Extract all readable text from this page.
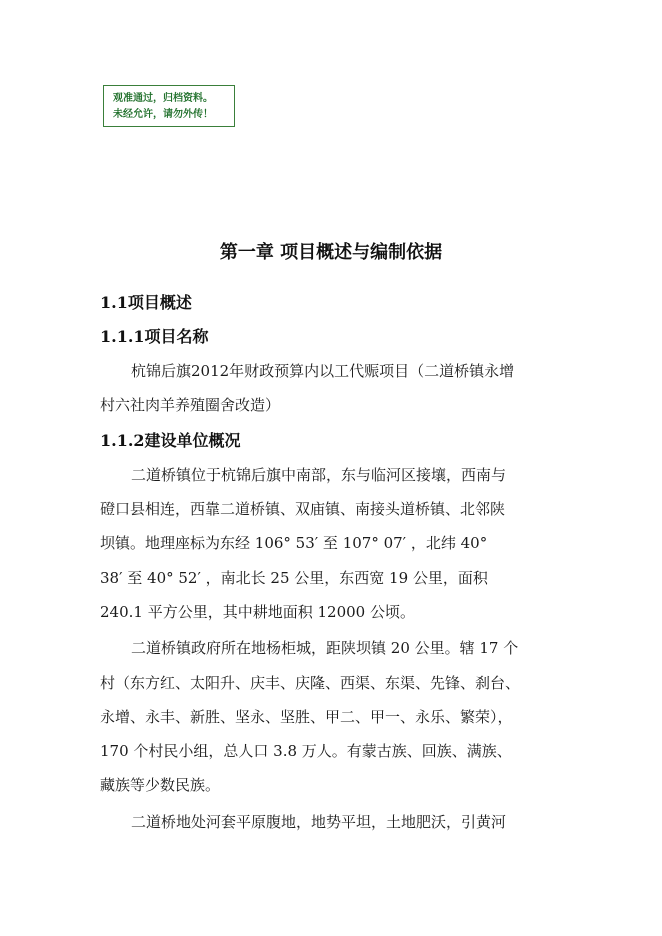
观准通过，归档资料。
未经允许，请勿外传！
第一章 项目概述与编制依据
1.1项目概述
1.1.1项目名称
杭锦后旗2012年财政预算内以工代赈项目（二道桥镇永增
村六社肉羊养殖圈舍改造）
1.1.2建设单位概况
二道桥镇位于杭锦后旗中南部，东与临河区接壤，西南与
磴口县相连，西靠二道桥镇、双庙镇、南接头道桥镇、北邻陕
坝镇。地理座标为东经 106° 53′ 至 107° 07′ ，北纬 40°
38′ 至 40° 52′ ，南北长 25 公里，东西宽 19 公里，面积
240.1 平方公里，其中耕地面积 12000 公顷。
二道桥镇政府所在地杨柜城，距陕坝镇 20 公里。辖 17 个
村（东方红、太阳升、庆丰、庆隆、西渠、东渠、先锋、刹台、
永增、永丰、新胜、坚永、坚胜、甲二、甲一、永乐、繁荣），
170 个村民小组，总人口 3.8 万人。有蒙古族、回族、满族、
藏族等少数民族。
二道桥地处河套平原腹地，地势平坦，土地肥沃，引黄河
